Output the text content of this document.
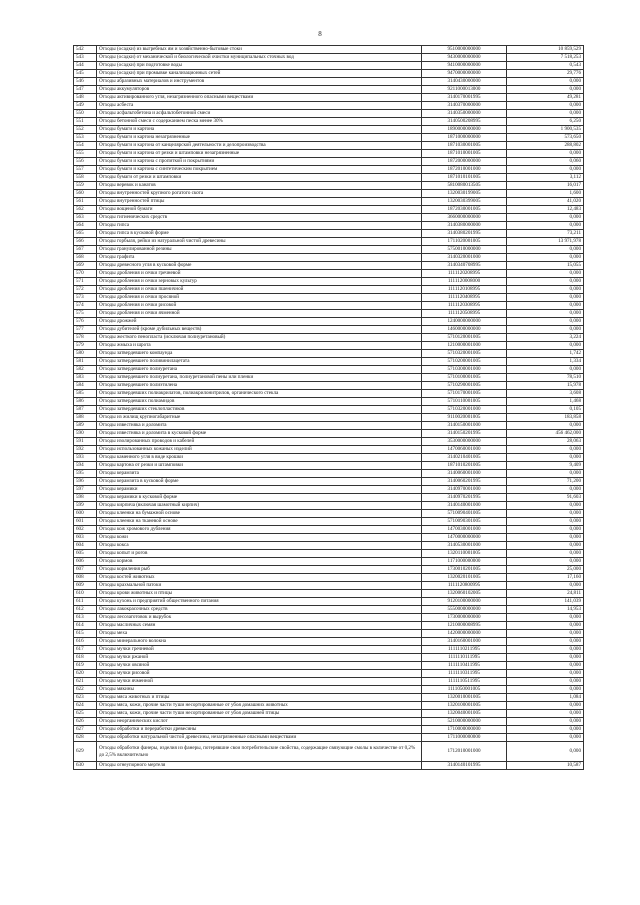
8
542	Отходы (осадки) из выгребных ям и хозяйственно-бытовые стоки	9510000000000	10 859,529
543	Отходы (осадки) от механической и биологической очистки муниципальных сточных вод	9430000000000	7 518,253
544	Отходы (осадки) при подготовке воды	9410000000000	0,543
545	Отходы (осадки) при промывке канализационных сетей	9470000000000	29,776
546	Отходы абразивных материалов и инструментов	3140430000000	0,000
547	Отходы аккумуляторов	9211000013000	0,000
548	Отходы активированного угля, незагрязненного опасными веществами	3140170001995	49,281
549	Отходы асбеста	3140370000000	0,000
550	Отходы асфальтобетона и асфальтобетонной смеси	3140350000000	0,000
551	Отходы бетонной смеси с содержанием песка менее 30%	3140500208995	6,250
552	Отходы бумаги и картона	1890000000000	1 900,535
553	Отходы бумаги и картона незагрязненные	1871000000000	573,650
554	Отходы бумаги и картона от канцелярской деятельности и делопроизводства	1871030001005	288,802
555	Отходы бумаги и картона от резки и штамповки незагрязненные	1871010001005	0,000
556	Отходы бумаги и картона с пропиткой и покрытиями	1872000000000	0,060
557	Отходы бумаги и картона с синтетическим покрытием	1872010001000	0,000
558	Отходы бумаги от резки и штамповки	1871010101005	3,112
559	Отходы веревок и канатов	5810080013505	16,017
560	Отходы внутренностей крупного рогатого скота	1320030199005	1,600
561	Отходы внутренностей птицы	1320030399005	41,020
562	Отходы вощеной бумаги	1872030001005	12,483
563	Отходы гигиенических средств	3660000000000	0,000
564	Отходы гипса	3140380000000	0,000
565	Отходы гипса в кусковой форме	3140380201995	73,211
566	Отходы горбыля, рейки из натуральной чистой древесины	1711020001005	13 971,978
567	Отходы гранулированной резины	5750010000000	0,000
568	Отходы графита	3140320001000	0,000
569	Отходы древесного угля в кусковой форме	3140340708995	15,055
570	Отходы дробления и сечки гречневой	1111120208995	0,000
571	Отходы дробления и сечки зерновых культур	1111120008000	0,000
572	Отходы дробления и сечки пшеничной	1111120108995	0,000
573	Отходы дробления и сечки просяной	1111120408995	0,000
574	Отходы дробления и сечки рисовой	1111120308995	0,000
575	Отходы дробления и сечки ячменной	1111120508995	0,000
576	Отходы дрожжей	1240000000000	0,000
577	Отходы дубителей (кроме дубильных веществ)	1460000000000	0,000
578	Отходы жесткого пенопласта (исключая полиуретановый)	5710120001005	3,224
579	Отходы жмыха и шрота	1210000001000	0,000
580	Отходы затвердевшего компаунда	5710320001005	1,742
581	Отходы затвердевшего поливинилацетата	5710200001005	1,334
582	Отходы затвердевшего полиуретана	5710300001000	0,000
583	Отходы затвердевшего полиуретана, полиуретановой пены или пленки	5710100001005	78,510
584	Отходы затвердевшего полиэтилена	5710290001005	15,978
585	Отходы затвердевших полиакрилатов, полиакрилонитрилов, органического стекла	5710170001005	3,608
586	Отходы затвердевших полиамидов	5710110001005	1,468
587	Отходы затвердевших стеклопластиков	5710320001000	0,105
588	Отходы из жилищ крупногабаритные	9110020001005	183,858
589	Отходы известняка и доломита	3140150001000	0,000
590	Отходы известняка и доломита в кусковой форме	3140150201995	456 462,000
591	Отходы изолированных проводов и кабелей	3530000000000	28,063
592	Отходы использованных кожаных изделий	1470060001000	0,000
593	Отходы каменного угля в виде крошки	3140210401005	0,000
594	Отходы картона от резки и штамповки	1871010201005	9,409
595	Отходы керамзита	3140060001000	0,000
596	Отходы керамзита в кусковой форме	3140060201995	71,200
597	Отходы керамики	3140970001000	0,000
598	Отходы керамики в кусковой форме	3140970201995	91,603
599	Отходы кирпича (включая шамотный кирпич)	3140140001000	0,000
600	Отходы клеенки на бумажной основе	5710090401005	0,000
601	Отходы клеенки на тканевой основе	5710090301005	0,000
602	Отходы кож хромового дубления	1470030001000	0,000
603	Отходы кожи	1470000000000	0,000
604	Отходы кокса	3140530001000	0,000
605	Отходы копыт и рогов	1320110001005	0,000
606	Отходы кормов	1171000000000	0,000
607	Отходы кормления рыб	1730010201005	25,000
608	Отходы костей животных	1320020101005	17,160
609	Отходы крахмальной патоки	1111120800995	0,000
610	Отходы крови животных и птицы	1320060102005	24,811
611	Отходы кухонь и предприятий общественного питания	9120100000000	141,039
612	Отходы лакокрасочных средств	5550000000000	14,953
613	Отходы лесозаготовок и вырубок	1730000000000	0,000
614	Отходы масличных семян	1210000008995	0,000
615	Отходы меха	1420000000000	0,000
616	Отходы минерального волокна	3140160001000	0,000
617	Отходы мучки гречневой	1111110211995	0,000
618	Отходы мучки ржаной	1111110111995	0,000
619	Отходы мучки овсяной	1111110411995	0,000
620	Отходы мучки рисовой	1111110311995	0,000
621	Отходы мучки ячменной	1111110511995	0,000
622	Отходы мякины	1111050001005	0,000
623	Отходы мяса животных и птицы	1320010001005	1,084
624	Отходы мяса, кожи, прочие части туши несортированные от убоя домашних животных	1320100001005	0,000
625	Отходы мяса, кожи, прочие части туши несортированные от убоя домашней птицы	1320040001005	0,000
626	Отходы неорганических кислот	5210000000000	0,000
627	Отходы обработки и переработки древесины	1710000000000	0,000
628	Отходы обработки натуральной чистой древесины, незагрязненные опасными веществами	1711000000000	0,000
629	Отходы обработки фанеры, изделия из фанеры, потерявшие свои потребительские свойства, содержащие связующие смолы в количестве от 0,2% до 2,5% включительно	1712010001000	0,000
630	Отходы огнеупорного мертеля	3140140101995	10,587
